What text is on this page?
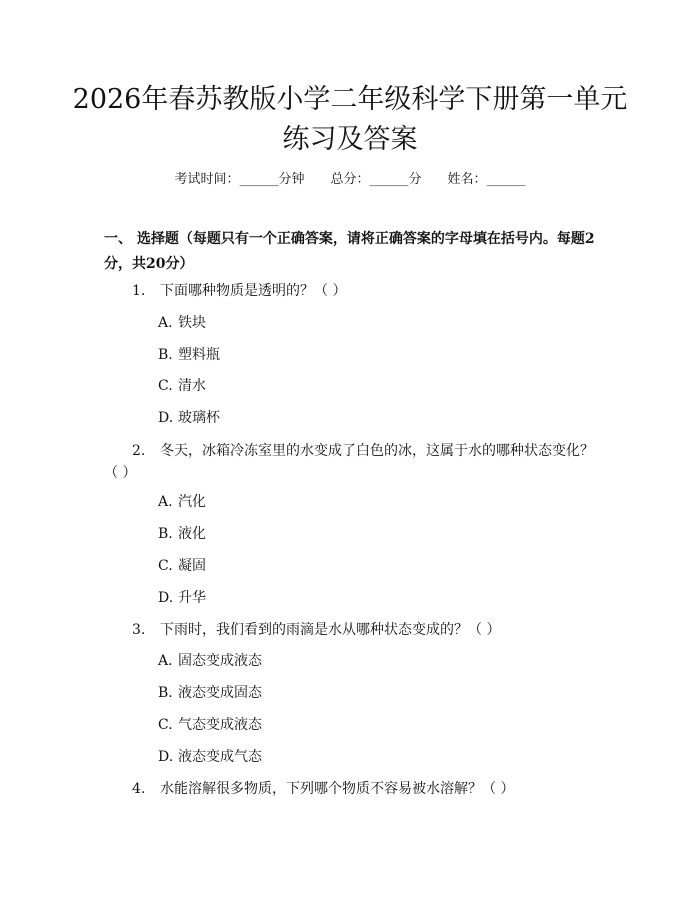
2026年春苏教版小学二年级科学下册第一单元练习及答案
考试时间：______分钟 总分：______分 姓名：______

一、 选择题（每题只有一个正确答案，请将正确答案的字母填在括号内。每题2分，共20分）

1. 下面哪种物质是透明的？（ ）
A. 铁块
B. 塑料瓶
C. 清水
D. 玻璃杯
2. 冬天，冰箱冷冻室里的水变成了白色的冰，这属于水的哪种状态变化？（ ）
A. 汽化
B. 液化
C. 凝固
D. 升华
3. 下雨时，我们看到的雨滴是水从哪种状态变成的？（ ）
A. 固态变成液态
B. 液态变成固态
C. 气态变成液态
D. 液态变成气态
4. 水能溶解很多物质，下列哪个物质不容易被水溶解？（ ）
